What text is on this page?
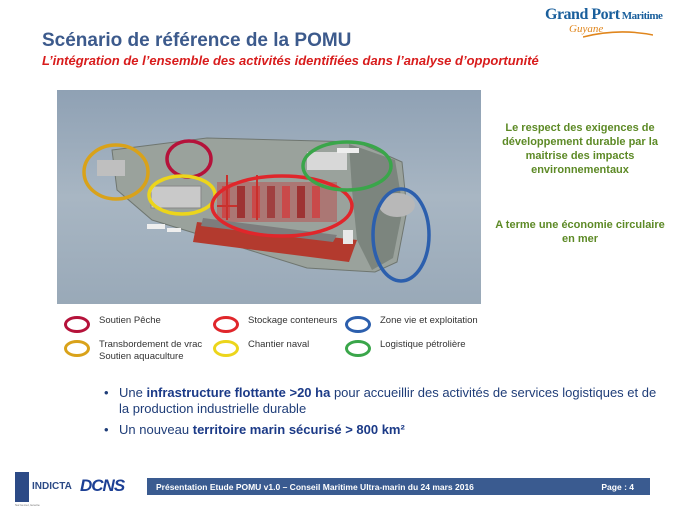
Scénario de référence de la POMU
L’intégration de l’ensemble des activités identifiées dans l’analyse d’opportunité
Grand Port Maritime
Guyane
Le respect des exigences de développement durable par la maitrise des impacts environnementaux
A terme une économie circulaire en mer
Soutien Pêche
Transbordement de vrac
Soutien aquaculture
Stockage conteneurs
Chantier naval
Zone vie et exploitation
Logistique pétrolière
• Une infrastructure flottante >20 ha pour accueillir des activités de services logistiques et de la production industrielle durable
• Un nouveau territoire marin sécurisé > 800 km²
INDICTA
Sur la mer, la terre
DCNS	Présentation Etude POMU v1.0 – Conseil Maritime Ultra-marin du 24 mars 2016	Page : 4
